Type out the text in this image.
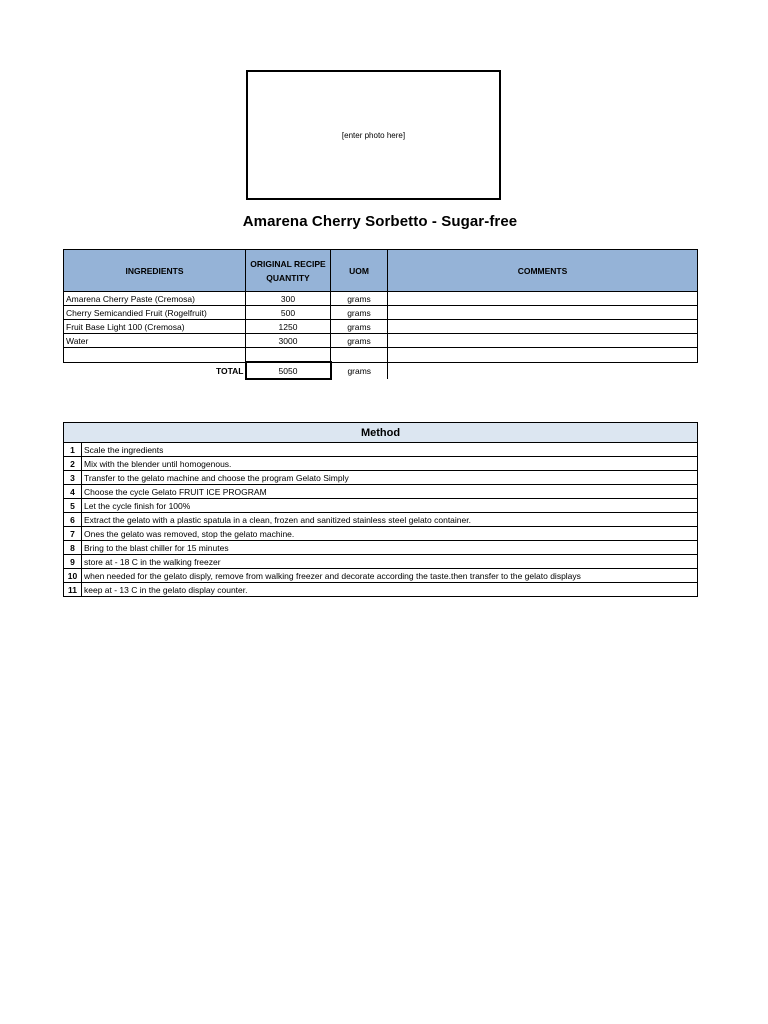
[enter photo here]
Amarena Cherry Sorbetto - Sugar-free
INGREDIENTS	ORIGINAL RECIPE QUANTITY	UOM	COMMENTS
Amarena Cherry Paste (Cremosa)	300	grams	
Cherry Semicandied Fruit (Rogelfruit)	500	grams	
Fruit Base Light 100 (Cremosa)	1250	grams	
Water	3000	grams	

TOTAL	5050	grams	
Method	
1	Scale the ingredients
2	Mix with the blender until homogenous.
3	Transfer to the gelato machine and choose the program Gelato Simply
4	Choose the cycle Gelato FRUIT ICE PROGRAM
5	Let the cycle finish for 100%
6	Extract the gelato with a plastic spatula in a clean, frozen and sanitized stainless steel gelato container.
7	Ones the gelato was removed, stop the gelato machine.
8	Bring to the blast chiller for 15 minutes
9	store at - 18 C in the walking freezer
10	when needed for the gelato disply, remove from walking freezer and decorate according the taste.then transfer to the gelato displays
11	keep at - 13 C in the gelato display counter.
